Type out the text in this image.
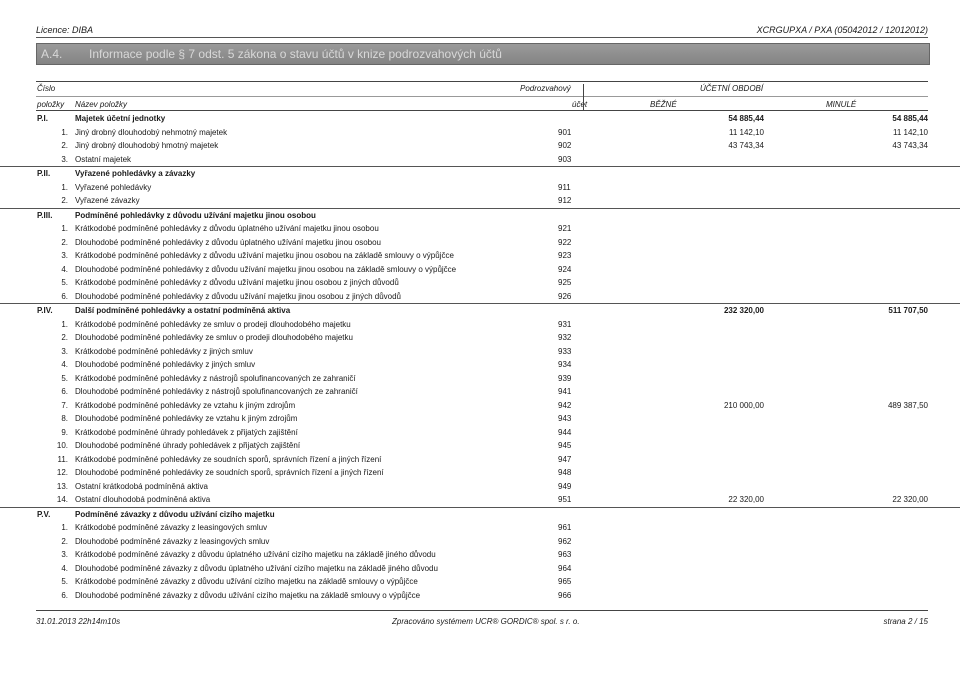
Licence: DIBA	XCRGUPXA / PXA (05042012 / 12012012)
A.4. Informace podle § 7 odst. 5 zákona o stavu účtů v knize podrozvahových účtů
Číslo
položky Název položky
Podrozvahový
účet
ÚČETNÍ OBDOBÍ
BĚŽNÉ	MINULÉ
P.I.	Majetek účetní jednotky	54 885,44	54 885,44
1. Jiný drobný dlouhodobý nehmotný majetek	901	11 142,10	11 142,10
2. Jiný drobný dlouhodobý hmotný majetek	902	43 743,34	43 743,34
3. Ostatní majetek	903
P.II.	Vyřazené pohledávky a závazky
1. Vyřazené pohledávky	911
2. Vyřazené závazky	912
P.III.	Podmíněné pohledávky z důvodu užívání majetku jinou osobou
1. Krátkodobé podmíněné pohledávky z důvodu úplatného užívání majetku jinou osobou	921
2. Dlouhodobé podmíněné pohledávky z důvodu úplatného užívání majetku jinou osobou	922
3. Krátkodobé podmíněné pohledávky z důvodu užívání majetku jinou osobou na základě smlouvy o výpůjčce	923
4. Dlouhodobé podmíněné pohledávky z důvodu užívání majetku jinou osobou na základě smlouvy o výpůjčce	924
5. Krátkodobé podmíněné pohledávky z důvodu užívání majetku jinou osobou z jiných důvodů	925
6. Dlouhodobé podmíněné pohledávky z důvodu užívání majetku jinou osobou z jiných důvodů	926
P.IV.	Další podmíněné pohledávky a ostatní podmíněná aktiva	232 320,00	511 707,50
1. Krátkodobé podmíněné pohledávky ze smluv o prodeji dlouhodobého majetku	931
2. Dlouhodobé podmíněné pohledávky ze smluv o prodeji dlouhodobého majetku	932
3. Krátkodobé podmíněné pohledávky z jiných smluv	933
4. Dlouhodobé podmíněné pohledávky z jiných smluv	934
5. Krátkodobé podmíněné pohledávky z nástrojů spolufinancovaných ze zahraničí	939
6. Dlouhodobé podmíněné pohledávky z nástrojů spolufinancovaných ze zahraničí	941
7. Krátkodobé podmíněné pohledávky ze vztahu k jiným zdrojům	942	210 000,00	489 387,50
8. Dlouhodobé podmíněné pohledávky ze vztahu k jiným zdrojům	943
9. Krátkodobé podmíněné úhrady pohledávek z přijatých zajištění	944
10. Dlouhodobé podmíněné úhrady pohledávek z přijatých zajištění	945
11. Krátkodobé podmíněné pohledávky ze soudních sporů, správních řízení a jiných řízení	947
12. Dlouhodobé podmíněné pohledávky ze soudních sporů, správních řízení a jiných řízení	948
13. Ostatní krátkodobá podmíněná aktiva	949
14. Ostatní dlouhodobá podmíněná aktiva	951	22 320,00	22 320,00
P.V.	Podmíněné závazky z důvodu užívání cizího majetku
1. Krátkodobé podmíněné závazky z leasingových smluv	961
2. Dlouhodobé podmíněné závazky z leasingových smluv	962
3. Krátkodobé podmíněné závazky z důvodu úplatného užívání cizího majetku na základě jiného důvodu	963
4. Dlouhodobé podmíněné závazky z důvodu úplatného užívání cizího majetku na základě jiného důvodu	964
5. Krátkodobé podmíněné závazky z důvodu užívání cizího majetku na základě smlouvy o výpůjčce	965
6. Dlouhodobé podmíněné závazky z důvodu užívání cizího majetku na základě smlouvy o výpůjčce	966
31.01.2013 22h14m10s	Zpracováno systémem UCR® GORDIC® spol. s r. o.	strana 2 / 15
